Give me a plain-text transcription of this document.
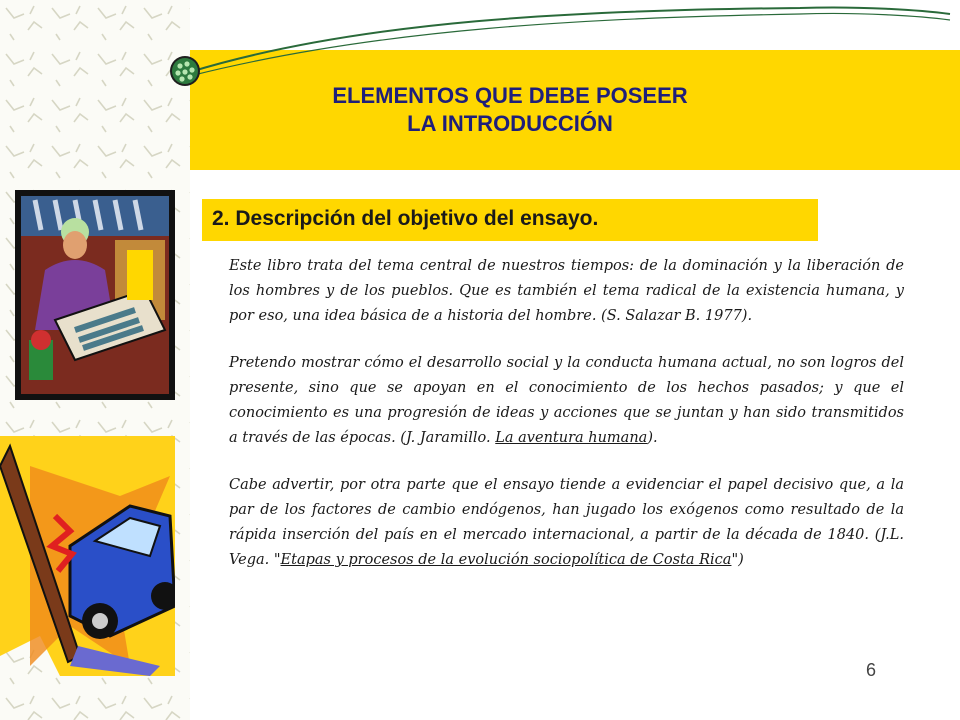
ELEMENTOS QUE DEBE POSEER
LA INTRODUCCIÓN
2. Descripción del objetivo del ensayo.

Este libro trata del tema central de nuestros tiempos: de la dominación y la liberación de los hombres y de los pueblos. Que es también el tema radical de la existencia humana, y por eso, una idea básica de a historia del hombre. (S. Salazar B. 1977).

Pretendo mostrar cómo el desarrollo social y la conducta humana actual, no son logros del presente, sino que se apoyan en el conocimiento de los hechos pasados; y que el conocimiento es una progresión de ideas y acciones que se juntan y han sido transmitidos a través de las épocas. (J. Jaramillo. La aventura humana).

Cabe advertir, por otra parte que el ensayo tiende a evidenciar el papel decisivo que, a la par de los factores de cambio endógenos, han jugado los exógenos como resultado de la rápida inserción del país en el mercado internacional, a partir de la década de 1840. (J.L. Vega. "Etapas y procesos de la evolución sociopolítica de Costa Rica")

6
